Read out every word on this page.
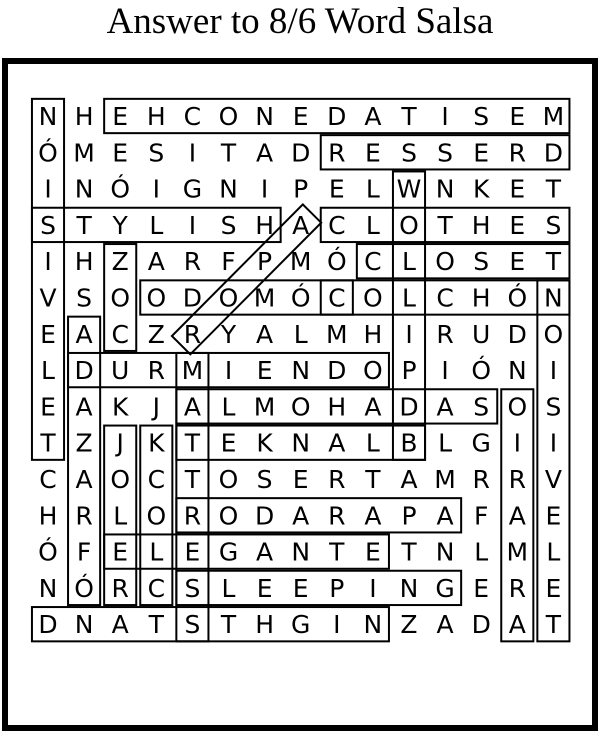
Answer to 8/6 Word Salsa
N H E H C O N E D A T I S E M
Ó M E S I T A D R E S S E R D
I N Ó I G N I P E L W N K E T
S T Y L I S H A C L O T H E S
I H Z A R F P M Ó C L O S E T
V S O O D O M Ó C O L C H Ó N
E A C Z R Y A L M H I R U D O
L D U R M I E N D O P I Ó N I
E A K J A L M O H A D A S O S
T Z J K T E K N A L B L G I I
C A O C T O S E R T A M R R V
H R L O R O D A R A P A F A E
Ó F E L E G A N T E T N L M L
N Ó R C S L E E P I N G E R E
D N A T S T H G I N Z A D A T
